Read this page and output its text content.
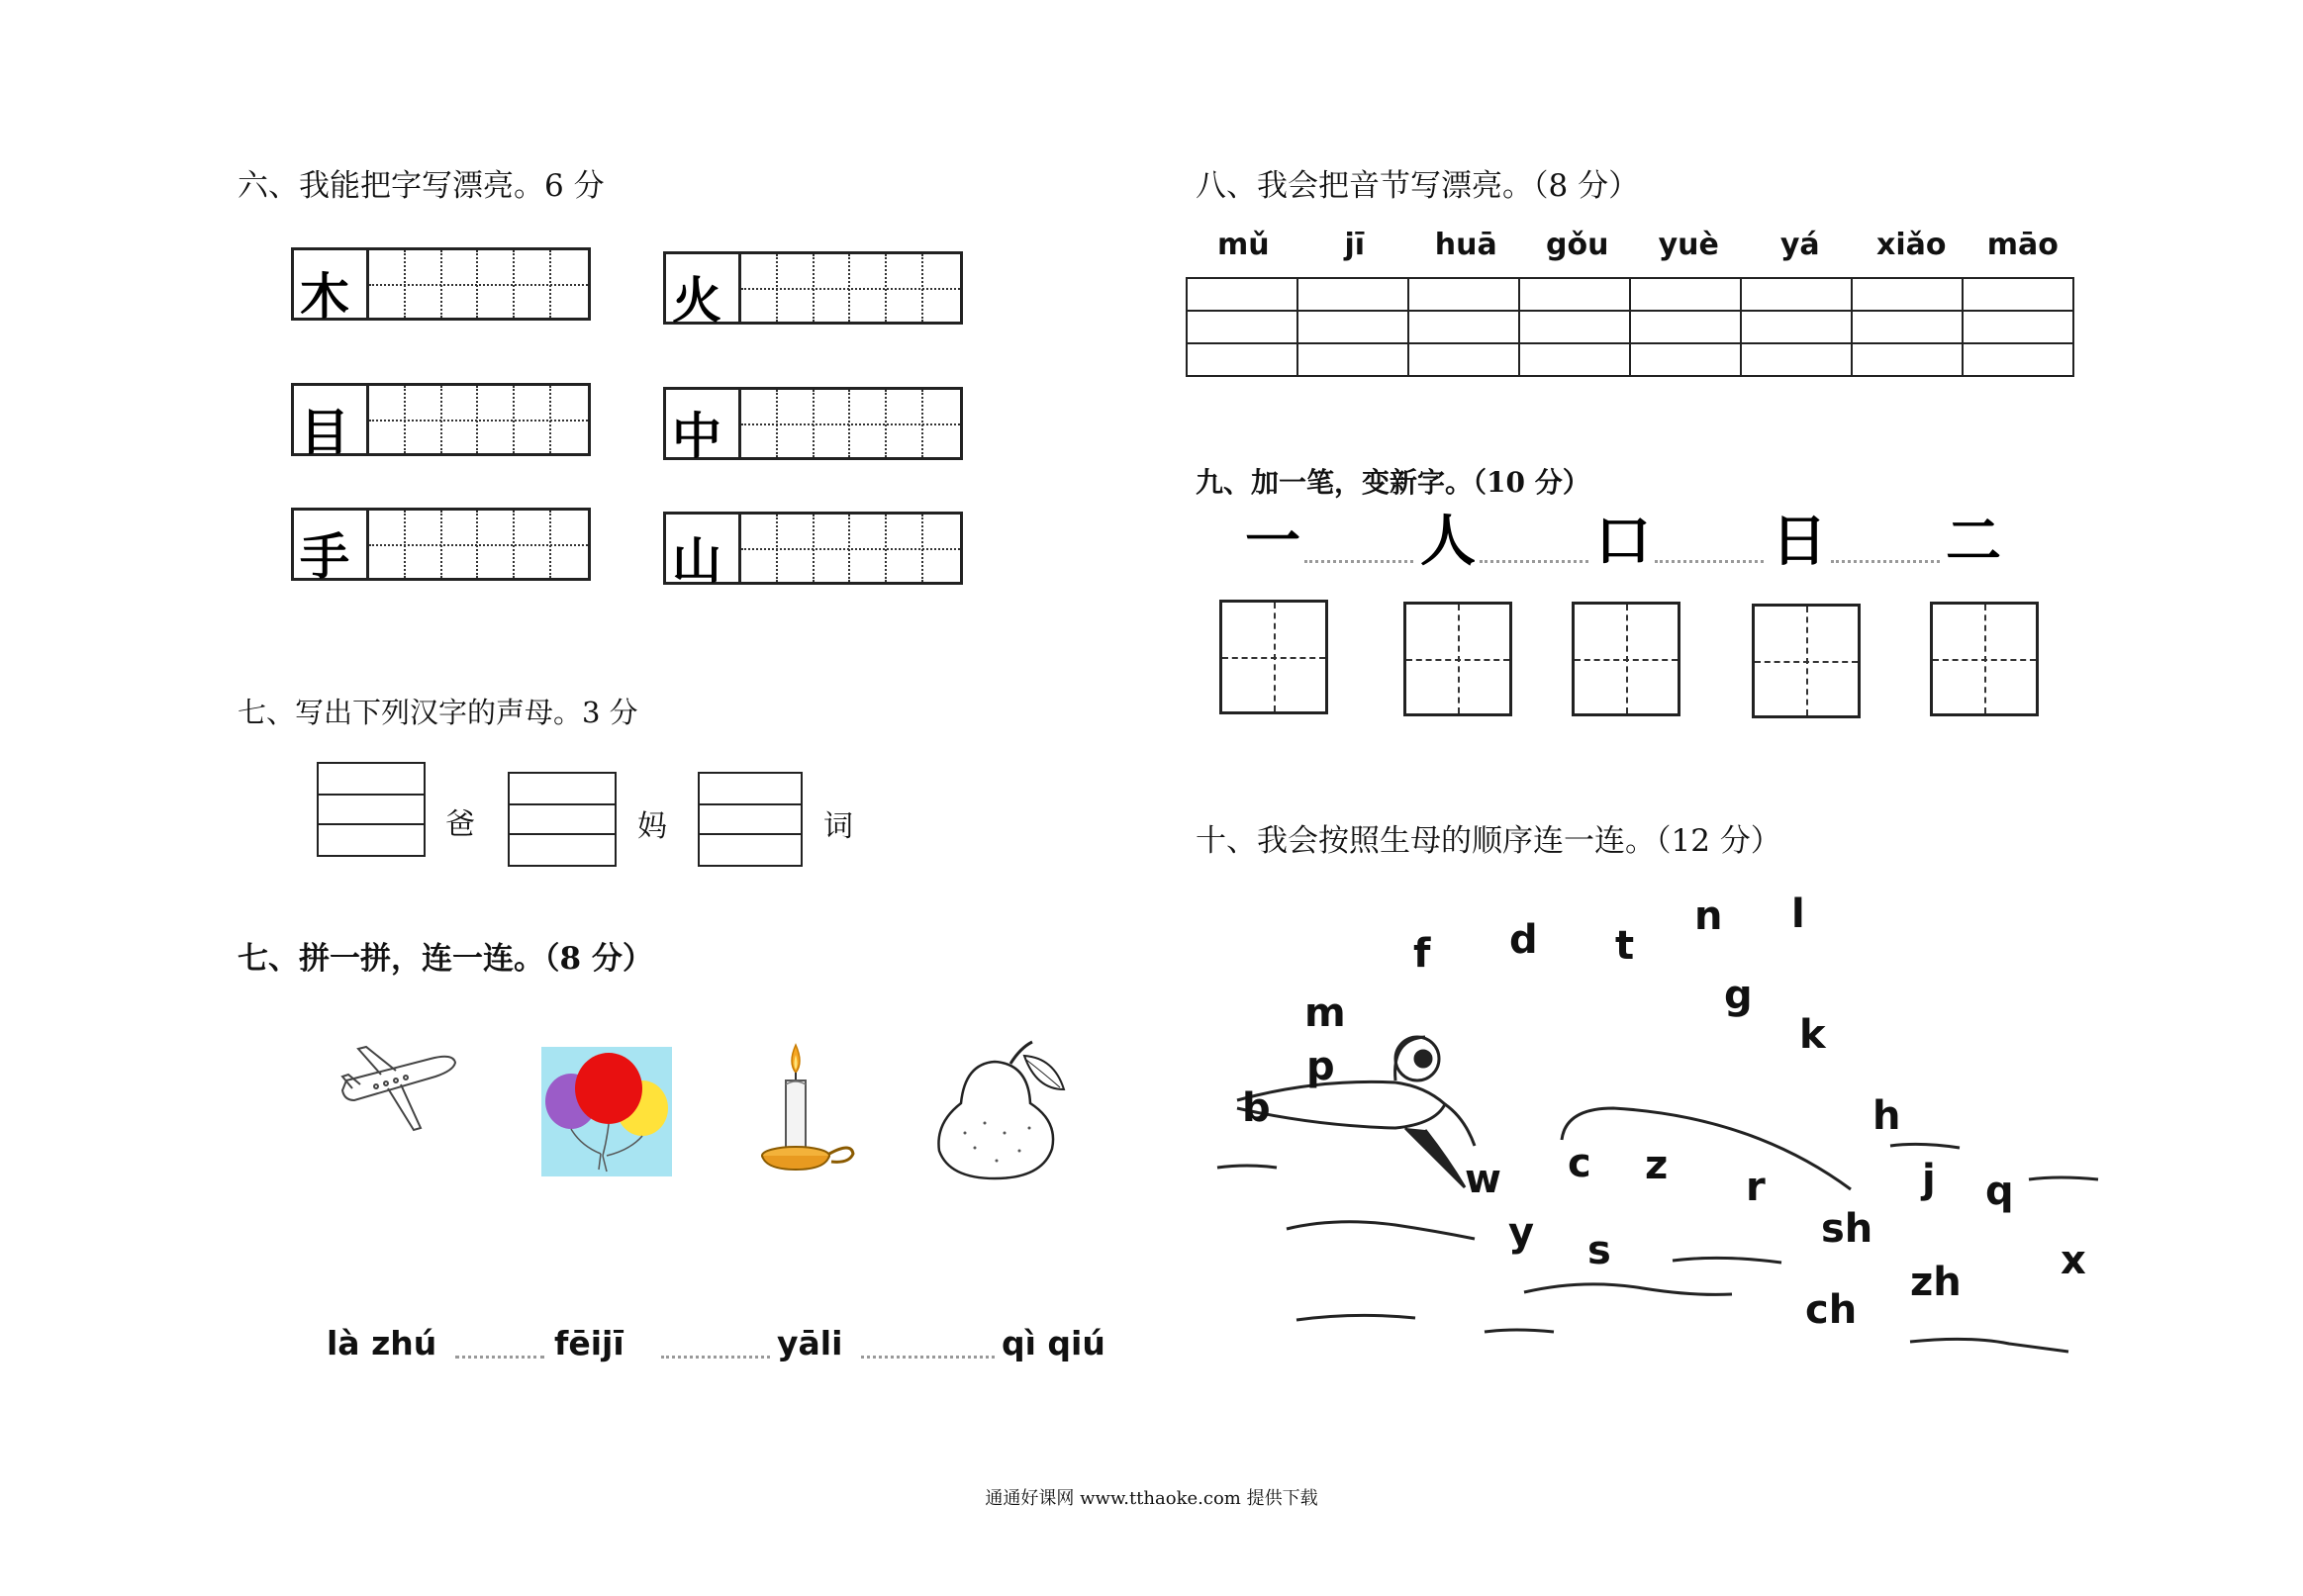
六、我能把字写漂亮。6 分
木	火
目	中
手	山
七、写出下列汉字的声母。3 分
爸	妈	词
七、拼一拼，连一连。（8 分）
là zhú	fēijī	yāli	qì qiú
八、我会把音节写漂亮。（8 分）
mǔ	jī	huā	gǒu	yuè	yá	xiǎo	māo

九、加一笔，变新字。（10 分）
一 人 口 日 二
十、我会按照生母的顺序连一连。（12 分）
b
p
m
f d t
n l
g
k
h
j q
x
zh
ch
sh
r
z
c
s
y
w
通通好课网 www.tthaoke.com 提供下载
